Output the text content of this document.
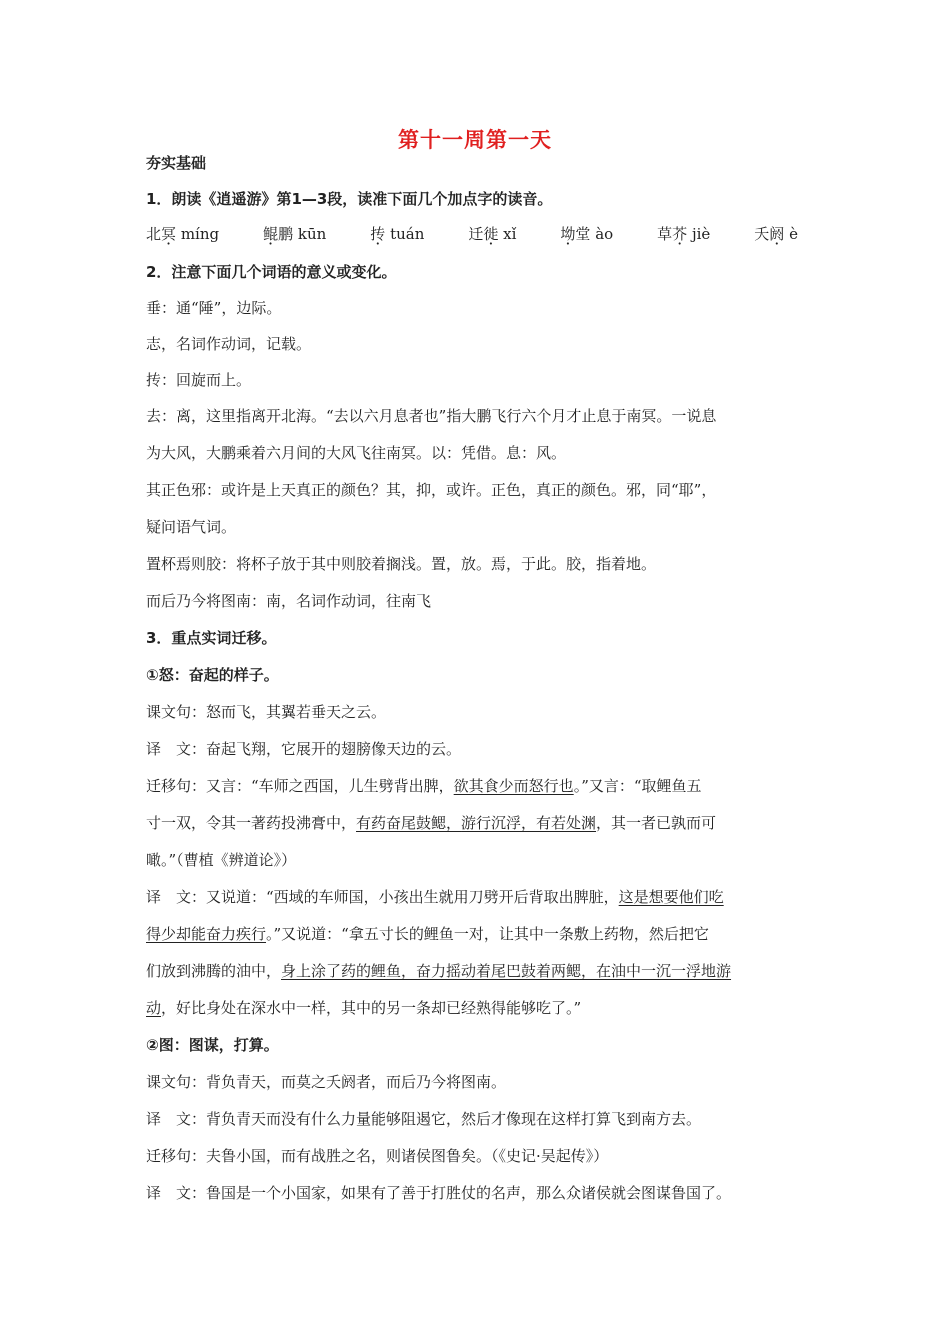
第十一周第一天

夯实基础

1．朗读《逍遥游》第1—3段，读准下面几个加点字的读音。

北冥 míng	鲲鹏 kūn	抟 tuán	迁徙 xǐ	坳堂 ào	草芥 jiè	夭阏 è

2．注意下面几个词语的意义或变化。

垂：通“陲”，边际。

志，名词作动词，记载。

抟：回旋而上。

去：离，这里指离开北海。“去以六月息者也”指大鹏飞行六个月才止息于南冥。一说息

为大风，大鹏乘着六月间的大风飞往南冥。以：凭借。息：风。

其正色邪：或许是上天真正的颜色？其，抑，或许。正色，真正的颜色。邪，同“耶”，

疑问语气词。

置杯焉则胶：将杯子放于其中则胶着搁浅。置，放。焉，于此。胶，指着地。

而后乃今将图南：南，名词作动词，往南飞

3．重点实词迁移。

①怒：奋起的样子。

课文句：怒而飞，其翼若垂天之云。

译　文：奋起飞翔，它展开的翅膀像天边的云。

迁移句：又言：“车师之西国，儿生劈背出脾，欲其食少而怒行也。”又言：“取鲤鱼五

寸一双，令其一著药投沸膏中，有药奋尾鼓鳃，游行沉浮，有若处渊，其一者已孰而可

噉。”（曹植《辨道论》）

译　文：又说道：“西域的车师国，小孩出生就用刀劈开后背取出脾脏，这是想要他们吃

得少却能奋力疾行。”又说道：“拿五寸长的鲤鱼一对，让其中一条敷上药物，然后把它

们放到沸腾的油中，身上涂了药的鲤鱼，奋力摇动着尾巴鼓着两鳃，在油中一沉一浮地游

动，好比身处在深水中一样，其中的另一条却已经熟得能够吃了。”

②图：图谋，打算。

课文句：背负青天，而莫之夭阏者，而后乃今将图南。

译　文：背负青天而没有什么力量能够阻遏它，然后才像现在这样打算飞到南方去。

迁移句：夫鲁小国，而有战胜之名，则诸侯图鲁矣。（《史记·吴起传》）

译　文：鲁国是一个小国家，如果有了善于打胜仗的名声，那么众诸侯就会图谋鲁国了。
